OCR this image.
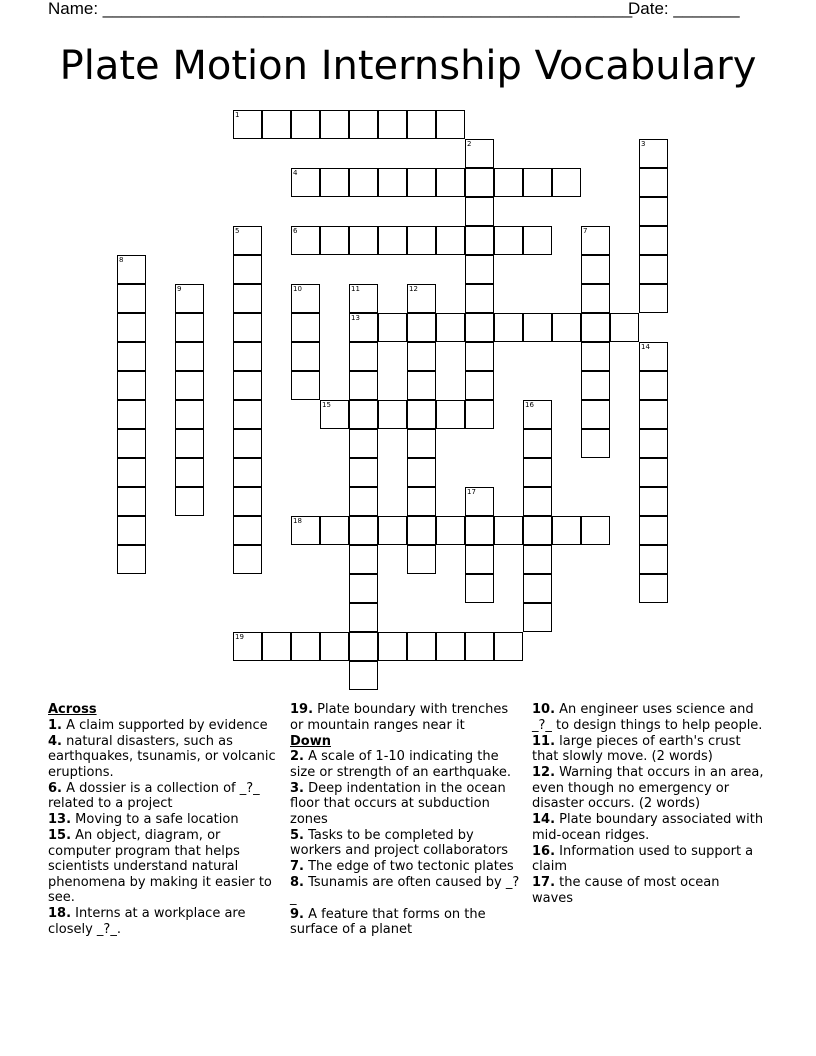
Name: ________________________________________________________
Date: _______
Plate Motion Internship Vocabulary
1
4
6
13
15
18
19
2	3
5	7
8
9	10	11	12
14
16
17
Across
1. A claim supported by evidence
4. natural disasters, such as earthquakes, tsunamis, or volcanic eruptions.
6. A dossier is a collection of _?_ related to a project
13. Moving to a safe location
15. An object, diagram, or computer program that helps scientists understand natural phenomena by making it easier to see.
18. Interns at a workplace are closely _?_.
19. Plate boundary with trenches or mountain ranges near it
Down
2. A scale of 1-10 indicating the size or strength of an earthquake.
3. Deep indentation in the ocean floor that occurs at subduction zones
5. Tasks to be completed by workers and project collaborators
7. The edge of two tectonic plates
8. Tsunamis are often caused by _?_
9. A feature that forms on the surface of a planet
10. An engineer uses science and _?_ to design things to help people.
11. large pieces of earth's crust that slowly move. (2 words)
12. Warning that occurs in an area, even though no emergency or disaster occurs. (2 words)
14. Plate boundary associated with mid-ocean ridges.
16. Information used to support a claim
17. the cause of most ocean waves
